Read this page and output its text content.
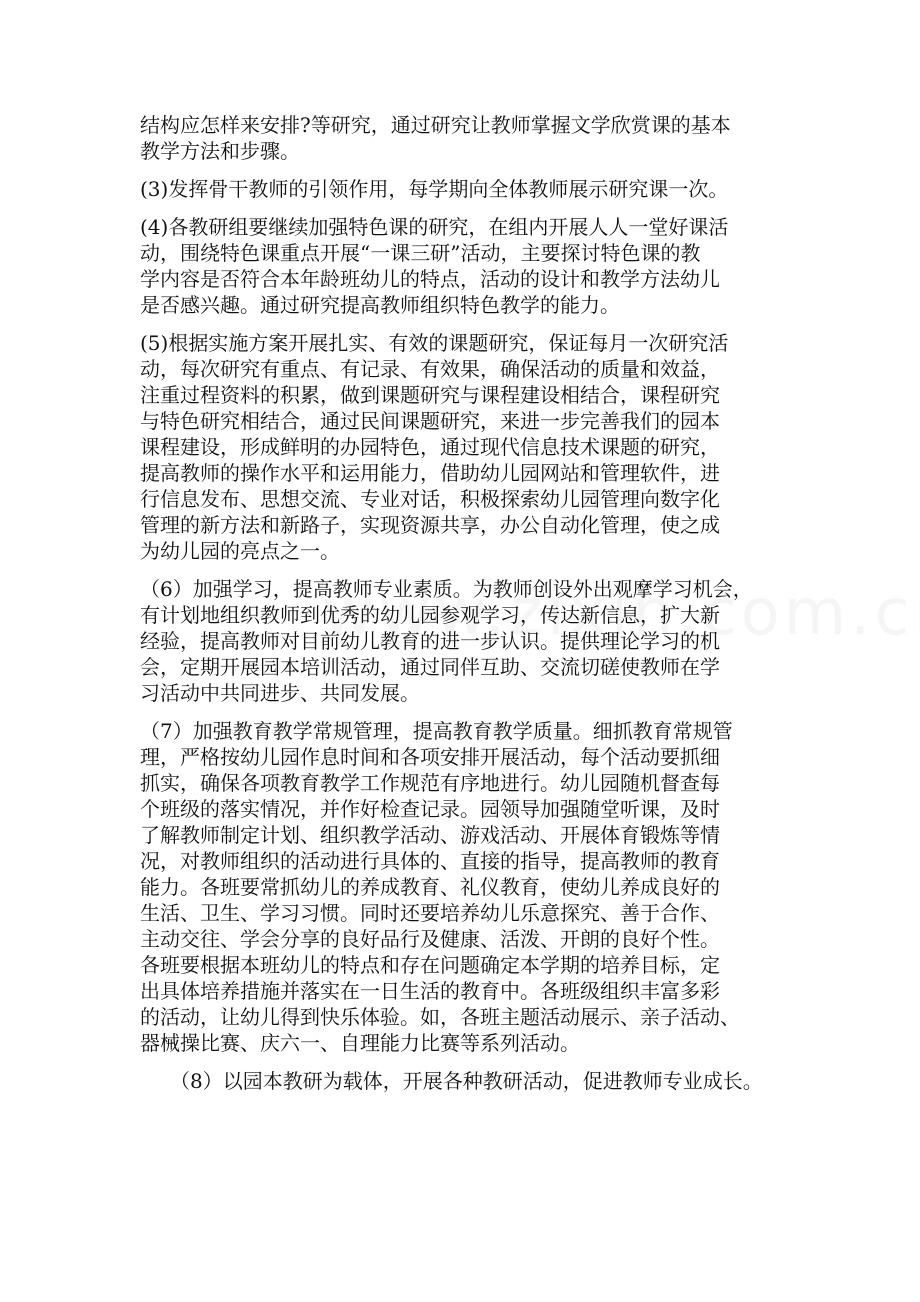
结构应怎样来安排?等研究，通过研究让教师掌握文学欣赏课的基本
教学方法和步骤。
(3)发挥骨干教师的引领作用，每学期向全体教师展示研究课一次。
(4)各教研组要继续加强特色课的研究，在组内开展人人一堂好课活
动，围绕特色课重点开展“一课三研”活动，主要探讨特色课的教
学内容是否符合本年龄班幼儿的特点，活动的设计和教学方法幼儿
是否感兴趣。通过研究提高教师组织特色教学的能力。
(5)根据实施方案开展扎实、有效的课题研究，保证每月一次研究活
动，每次研究有重点、有记录、有效果，确保活动的质量和效益，
注重过程资料的积累，做到课题研究与课程建设相结合，课程研究
与特色研究相结合，通过民间课题研究，来进一步完善我们的园本
课程建设，形成鲜明的办园特色，通过现代信息技术课题的研究，
提高教师的操作水平和运用能力，借助幼儿园网站和管理软件，进
行信息发布、思想交流、专业对话，积极探索幼儿园管理向数字化
管理的新方法和新路子，实现资源共享，办公自动化管理，使之成
为幼儿园的亮点之一。
（6）加强学习，提高教师专业素质。为教师创设外出观摩学习机会，
有计划地组织教师到优秀的幼儿园参观学习，传达新信息，扩大新
经验，提高教师对目前幼儿教育的进一步认识。提供理论学习的机
会，定期开展园本培训活动，通过同伴互助、交流切磋使教师在学
习活动中共同进步、共同发展。
（7）加强教育教学常规管理，提高教育教学质量。细抓教育常规管
理，严格按幼儿园作息时间和各项安排开展活动，每个活动要抓细
抓实，确保各项教育教学工作规范有序地进行。幼儿园随机督查每
个班级的落实情况，并作好检查记录。园领导加强随堂听课，及时
了解教师制定计划、组织教学活动、游戏活动、开展体育锻炼等情
况，对教师组织的活动进行具体的、直接的指导，提高教师的教育
能力。各班要常抓幼儿的养成教育、礼仪教育，使幼儿养成良好的
生活、卫生、学习习惯。同时还要培养幼儿乐意探究、善于合作、
主动交往、学会分享的良好品行及健康、活泼、开朗的良好个性。
各班要根据本班幼儿的特点和存在问题确定本学期的培养目标，定
出具体培养措施并落实在一日生活的教育中。各班级组织丰富多彩
的活动，让幼儿得到快乐体验。如，各班主题活动展示、亲子活动、
器械操比赛、庆六一、自理能力比赛等系列活动。
（8）以园本教研为载体，开展各种教研活动，促进教师专业成长。
